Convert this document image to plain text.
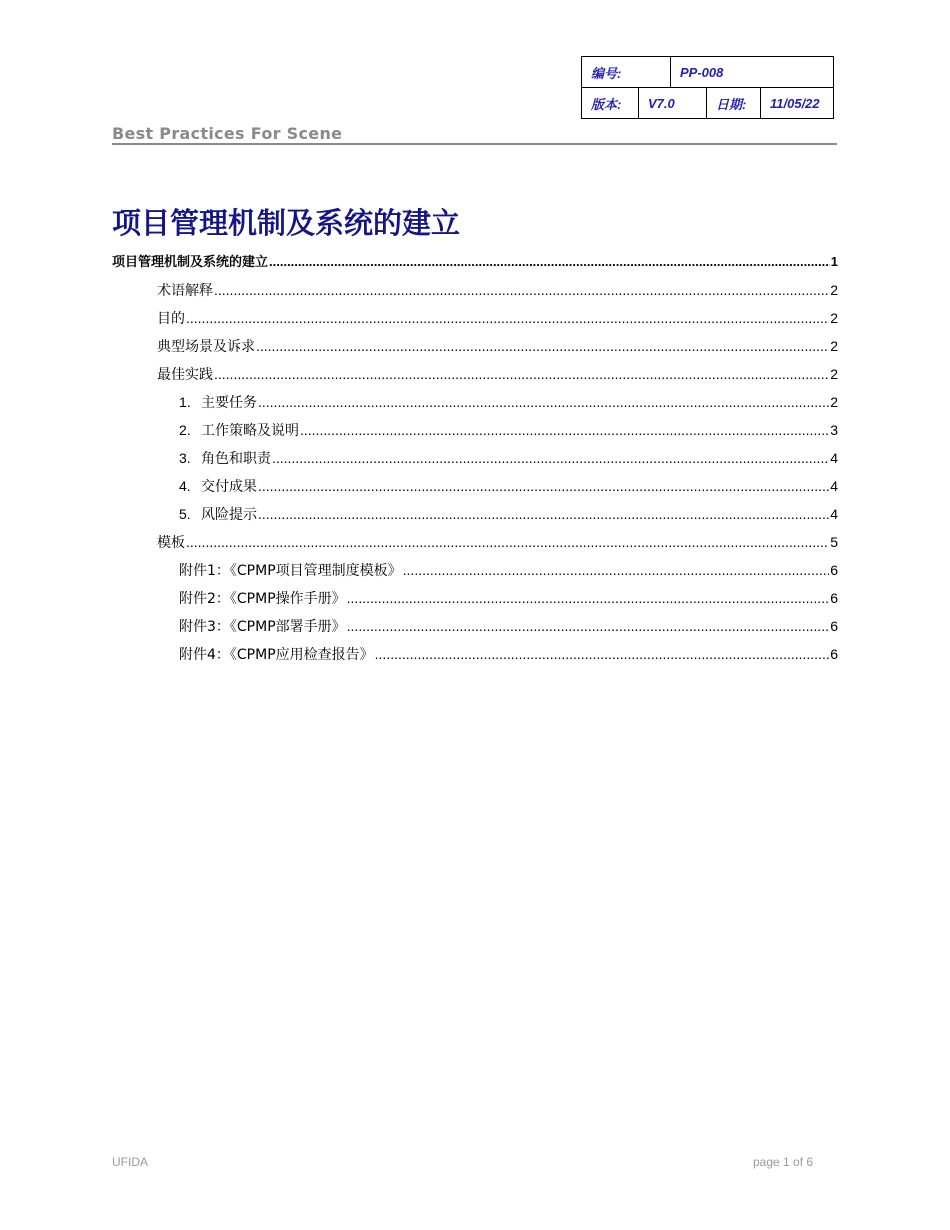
编号:		PP-008		
版本:	V7.0		日期:	11/05/22
Best Practices For Scene
项目管理机制及系统的建立
项目管理机制及系统的建立 .....	1
术语解释 .....	2
目的 .....	2
典型场景及诉求 .....	2
最佳实践 .....	2
1. 主要任务 .....	2
2. 工作策略及说明 .....	3
3. 角色和职责 .....	4
4. 交付成果 .....	4
5. 风险提示 .....	4
模板 .....	5
附件1：《CPMP项目管理制度模板》 .....	6
附件2：《CPMP操作手册》 .....	6
附件3：《CPMP部署手册》 .....	6
附件4：《CPMP应用检查报告》 .....	6
UFIDA	page 1 of 6
